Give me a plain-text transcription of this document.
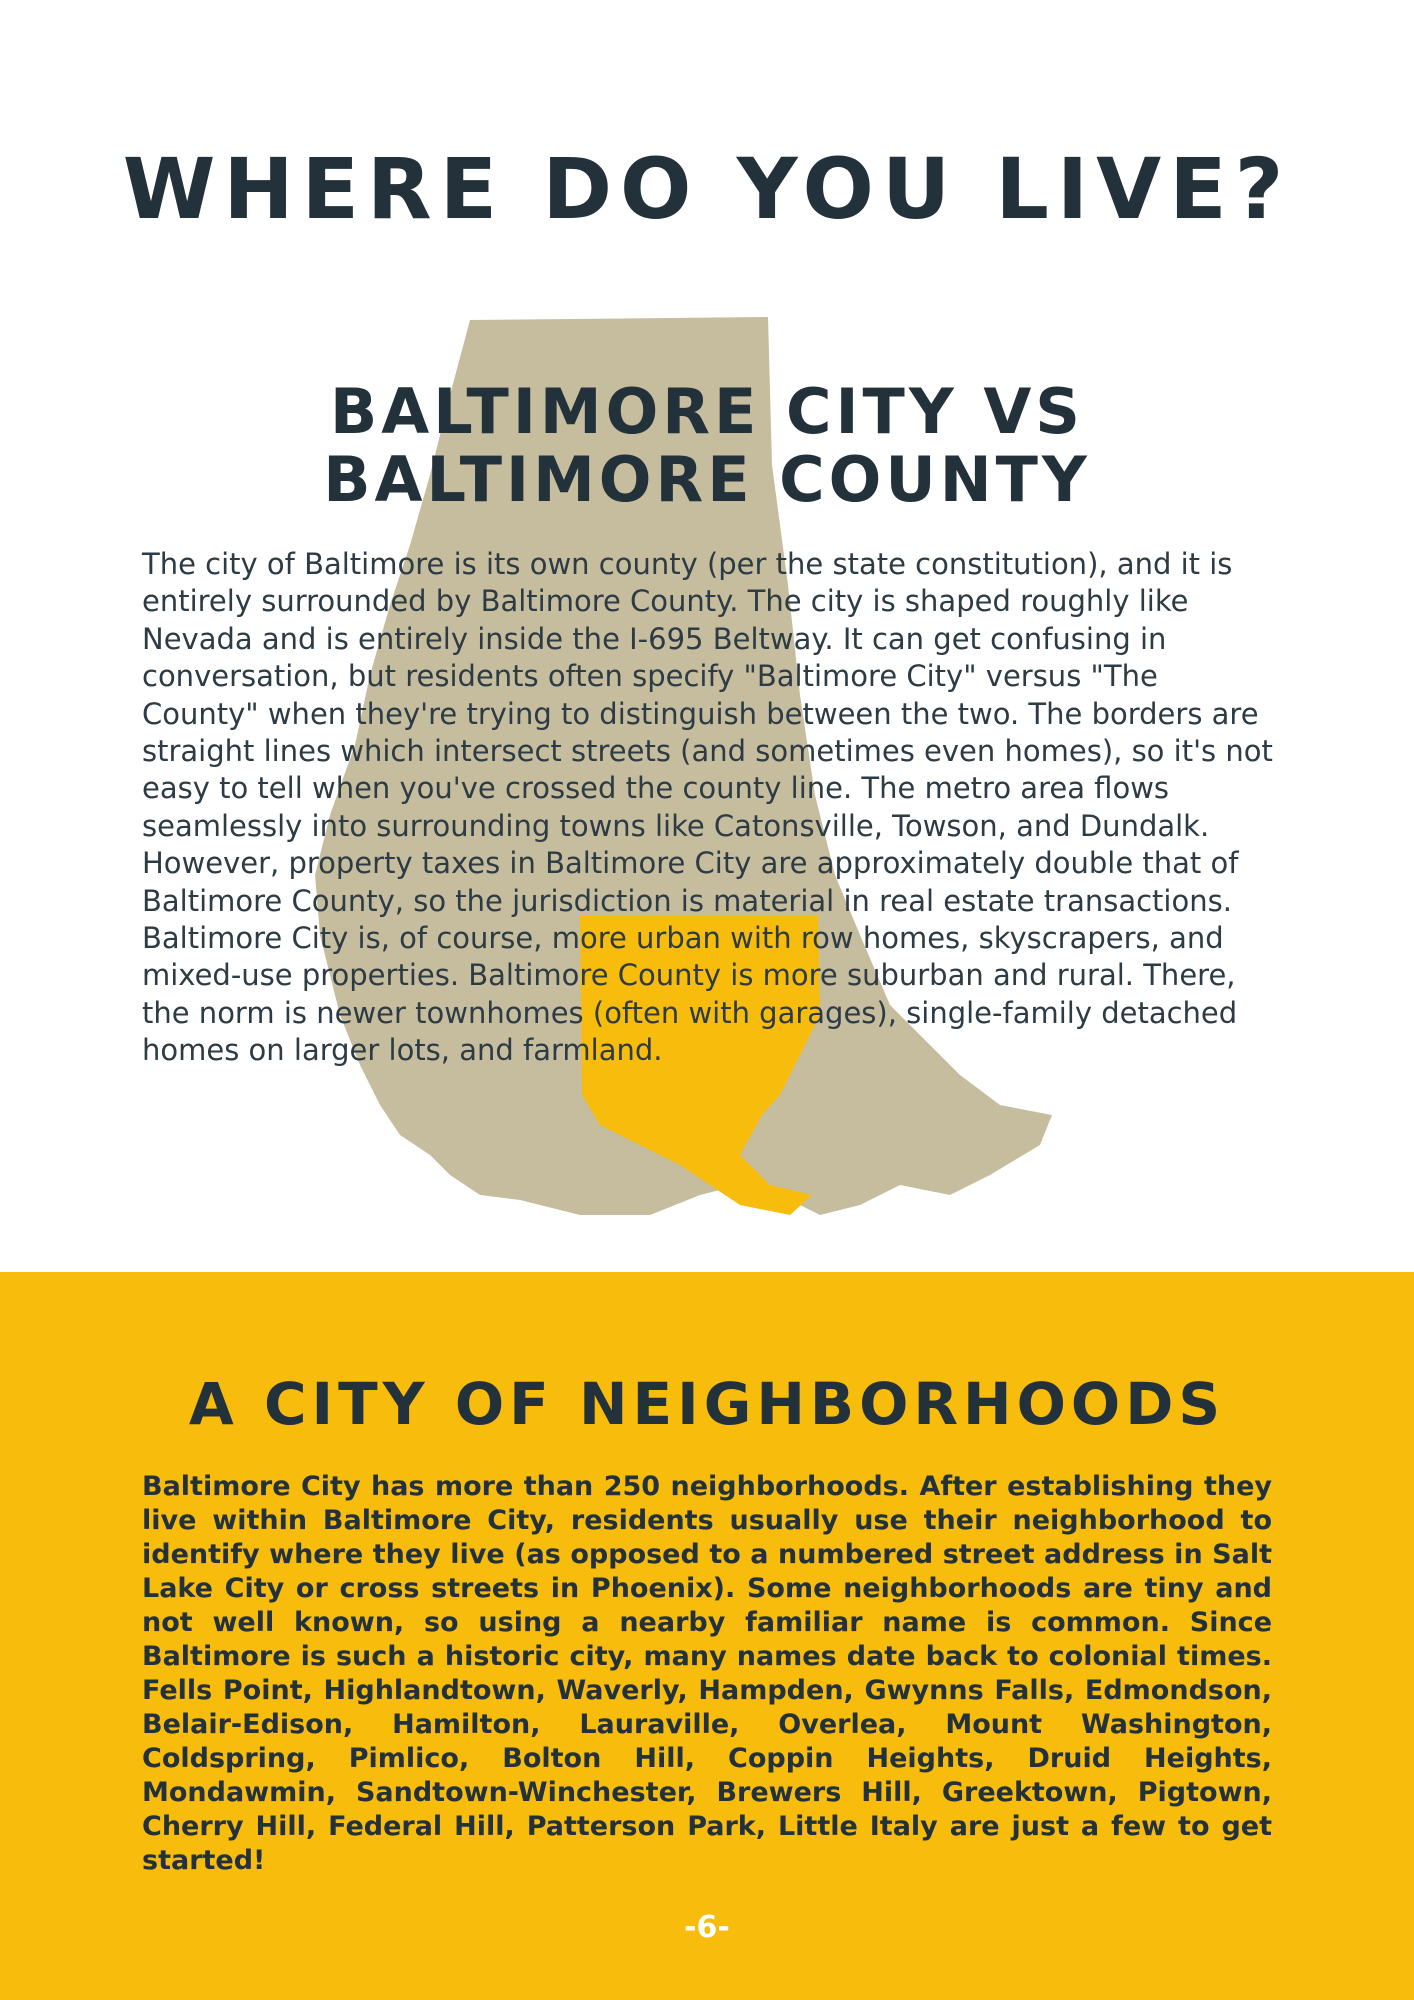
WHERE DO YOU LIVE?
BALTIMORE CITY VS
BALTIMORE COUNTY

The city of Baltimore is its own county (per the state constitution), and it is entirely surrounded by Baltimore County. The city is shaped roughly like Nevada and is entirely inside the I-695 Beltway. It can get confusing in conversation, but residents often specify "Baltimore City" versus "The County" when they're trying to distinguish between the two. The borders are straight lines which intersect streets (and sometimes even homes), so it's not easy to tell when you've crossed the county line. The metro area flows seamlessly into surrounding towns like Catonsville, Towson, and Dundalk. However, property taxes in Baltimore City are approximately double that of Baltimore County, so the jurisdiction is material in real estate transactions. Baltimore City is, of course, more urban with row homes, skyscrapers, and mixed-use properties. Baltimore County is more suburban and rural. There, the norm is newer townhomes (often with garages), single-family detached homes on larger lots, and farmland.

A CITY OF NEIGHBORHOODS

Baltimore City has more than 250 neighborhoods. After establishing they live within Baltimore City, residents usually use their neighborhood to identify where they live (as opposed to a numbered street address in Salt Lake City or cross streets in Phoenix). Some neighborhoods are tiny and not well known, so using a nearby familiar name is common. Since Baltimore is such a historic city, many names date back to colonial times. Fells Point, Highlandtown, Waverly, Hampden, Gwynns Falls, Edmondson, Belair-Edison, Hamilton, Lauraville, Overlea, Mount Washington, Coldspring, Pimlico, Bolton Hill, Coppin Heights, Druid Heights, Mondawmin, Sandtown-Winchester, Brewers Hill, Greektown, Pigtown, Cherry Hill, Federal Hill, Patterson Park, Little Italy are just a few to get started!

-6-
